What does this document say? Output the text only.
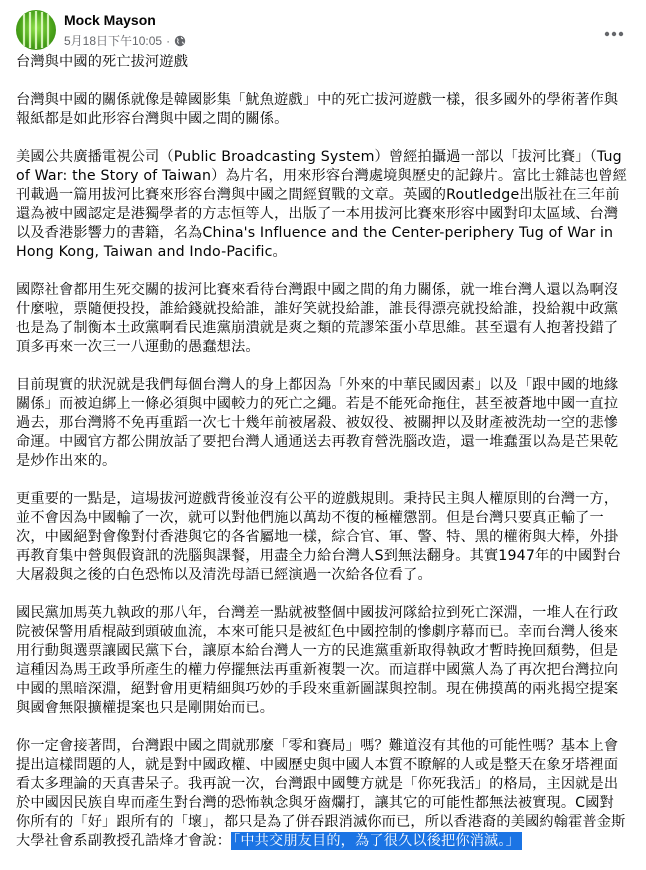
Mock Mayson
5月18日下午10:05 ·

台灣與中國的死亡拔河遊戲

台灣與中國的關係就像是韓國影集「魷魚遊戲」中的死亡拔河遊戲一樣，很多國外的學術著作與報紙都是如此形容台灣與中國之間的關係。

美國公共廣播電視公司（Public Broadcasting System）曾經拍攝過一部以「拔河比賽」（Tug of War: the Story of Taiwan）為片名，用來形容台灣處境與歷史的記錄片。富比士雜誌也曾經刊載過一篇用拔河比賽來形容台灣與中國之間經貿戰的文章。英國的Routledge出版社在三年前還為被中國認定是港獨學者的方志恒等人，出版了一本用拔河比賽來形容中國對印太區域、台灣以及香港影響力的書籍，名為China's Influence and the Center-periphery Tug of War in Hong Kong, Taiwan and Indo-Pacific。

國際社會都用生死交關的拔河比賽來看待台灣跟中國之間的角力關係，就一堆台灣人還以為啊沒什麼啦，票隨便投投，誰給錢就投給誰，誰好笑就投給誰，誰長得漂亮就投給誰，投給親中政黨也是為了制衡本土政黨啊看民進黨崩潰就是爽之類的荒謬笨蛋小草思維。甚至還有人抱著投錯了頂多再來一次三一八運動的愚蠢想法。

目前現實的狀況就是我們每個台灣人的身上都因為「外來的中華民國因素」以及「跟中國的地緣關係」而被迫綁上一條必須與中國較力的死亡之繩。若是不能死命拖住，甚至被蒼地中國一直拉過去，那台灣將不免再重蹈一次七十幾年前被屠殺、被奴役、被關押以及財產被洗劫一空的悲慘命運。中國官方都公開放話了要把台灣人通通送去再教育營洗腦改造，還一堆蠢蛋以為是芒果乾是炒作出來的。

更重要的一點是，這場拔河遊戲背後並沒有公平的遊戲規則。秉持民主與人權原則的台灣一方，並不會因為中國輸了一次，就可以對他們施以萬劫不復的極權懲罰。但是台灣只要真正輸了一次，中國絕對會像對付香港與它的各省屬地一樣，綜合官、軍、警、特、黑的權術與大棒，外掛再教育集中營與假資訊的洗腦與課餐，用盡全力給台灣人S到無法翻身。其實1947年的中國對台大屠殺與之後的白色恐怖以及清洗母語已經演過一次給各位看了。

國民黨加馬英九執政的那八年，台灣差一點就被整個中國拔河隊給拉到死亡深淵，一堆人在行政院被保警用盾棍敲到頭破血流，本來可能只是被紅色中國控制的慘劇序幕而已。幸而台灣人後來用行動與選票讓國民黨下台，讓原本給台灣人一方的民進黨重新取得執政才暫時挽回頹勢，但是這種因為馬王政爭所產生的權力停擺無法再重新複製一次。而這群中國黨人為了再次把台灣拉向中國的黑暗深淵，絕對會用更精細與巧妙的手段來重新圖謀與控制。現在佛摸萬的兩兆揭空提案與國會無限擴權提案也只是剛開始而已。

你一定會接著問，台灣跟中國之間就那麼「零和賽局」嗎？難道沒有其他的可能性嗎？基本上會提出這樣問題的人，就是對中國政權、中國歷史與中國人本質不瞭解的人或是整天在象牙塔裡面看太多理論的天真書呆子。我再說一次，台灣跟中國雙方就是「你死我活」的格局，主因就是出於中國因民族自卑而產生對台灣的恐怖執念與牙齒爛打，讓其它的可能性都無法被實現。C國對你所有的「好」跟所有的「壞」，都只是為了併吞跟消滅你而已，所以香港裔的美國約翰霍普金斯大學社會系副教授孔誥烽才會說： 「中共交朋友目的，為了很久以後把你消滅。」
